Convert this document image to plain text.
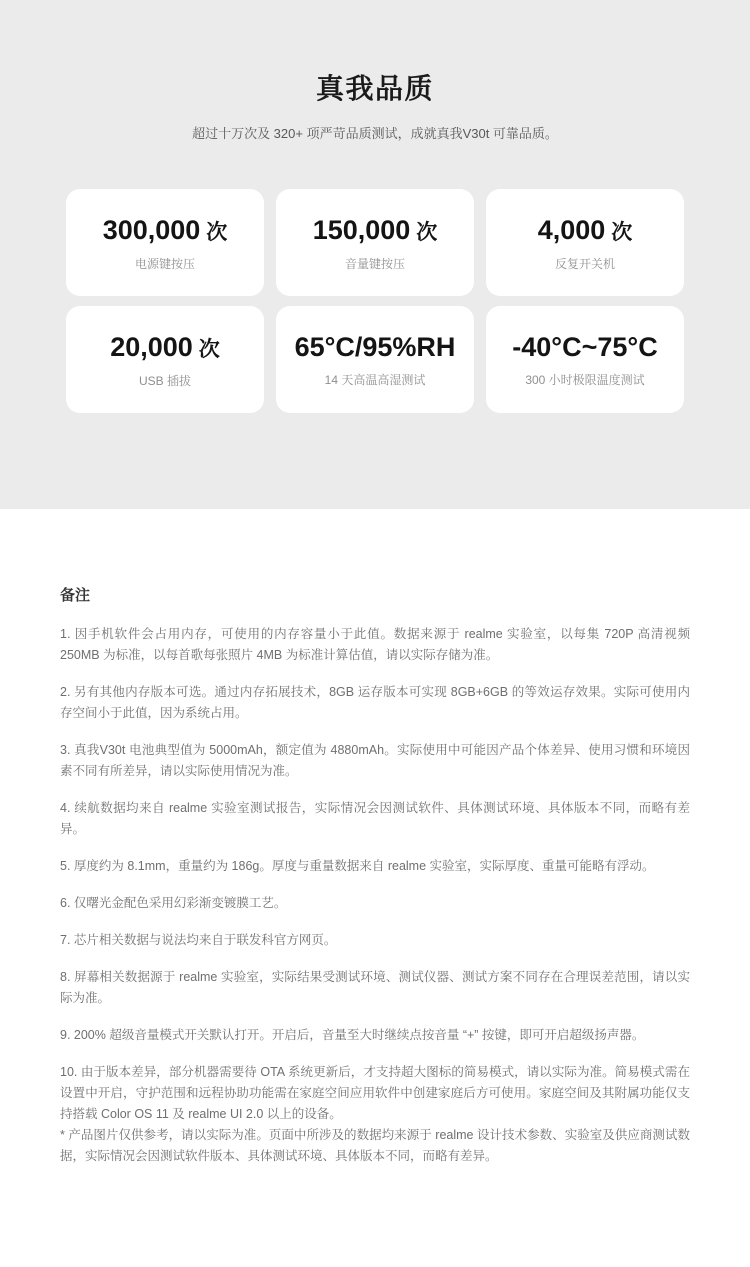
真我品质

超过十万次及 320+ 项严苛品质测试，成就真我V30t 可靠品质。

300,000 次
电源键按压
150,000 次
音量键按压
4,000 次
反复开关机
20,000 次
USB 插拔
65°C/95%RH
14 天高温高湿测试
-40°C~75°C
300 小时极限温度测试
备注

1. 因手机软件会占用内存，可使用的内存容量小于此值。数据来源于 realme 实验室，以每集 720P 高清视频 250MB 为标准，以每首歌每张照片 4MB 为标准计算估值，请以实际存储为准。

2. 另有其他内存版本可选。通过内存拓展技术，8GB 运存版本可实现 8GB+6GB 的等效运存效果。实际可使用内存空间小于此值，因为系统占用。

3. 真我V30t 电池典型值为 5000mAh，额定值为 4880mAh。实际使用中可能因产品个体差异、使用习惯和环境因素不同有所差异，请以实际使用情况为准。

4. 续航数据均来自 realme 实验室测试报告，实际情况会因测试软件、具体测试环境、具体版本不同，而略有差异。

5. 厚度约为 8.1mm，重量约为 186g。厚度与重量数据来自 realme 实验室，实际厚度、重量可能略有浮动。

6. 仅曙光金配色采用幻彩渐变镀膜工艺。

7. 芯片相关数据与说法均来自于联发科官方网页。

8. 屏幕相关数据源于 realme 实验室，实际结果受测试环境、测试仪器、测试方案不同存在合理误差范围，请以实际为准。

9. 200% 超级音量模式开关默认打开。开启后，音量至大时继续点按音量 “+” 按键，即可开启超级扬声器。

10. 由于版本差异，部分机器需要待 OTA 系统更新后，才支持超大图标的简易模式，请以实际为准。简易模式需在设置中开启，守护范围和远程协助功能需在家庭空间应用软件中创建家庭后方可使用。家庭空间及其附属功能仅支持搭载 Color OS 11 及 realme UI 2.0 以上的设备。

* 产品图片仅供参考，请以实际为准。页面中所涉及的数据均来源于 realme 设计技术参数、实验室及供应商测试数据，实际情况会因测试软件版本、具体测试环境、具体版本不同，而略有差异。
